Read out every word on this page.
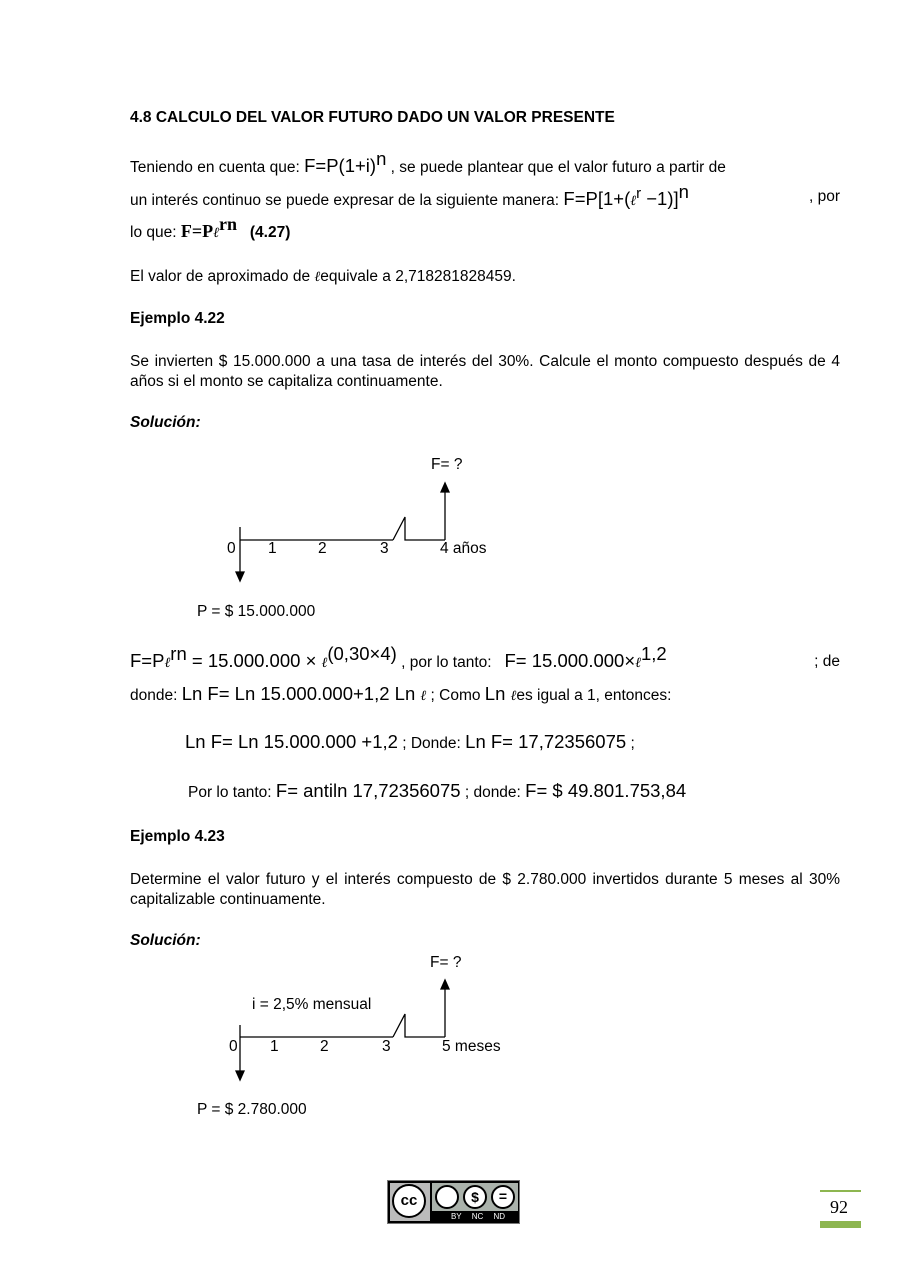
4.8 CALCULO DEL VALOR FUTURO DADO UN VALOR PRESENTE
Teniendo en cuenta que: $F=P(1+i)^n$ , se puede plantear que el valor futuro a partir de
un interés continuo se puede expresar de la siguiente manera: F=P[1+(ℓ$^r$ −1)]$^n$	, por
lo que: F=Pℓ$^{rn}$ (4.27)
El valor de aproximado de ℓequivale a 2,718281828459.
Ejemplo 4.22
Se invierten $ 15.000.000 a una tasa de interés del 30%. Calcule el monto compuesto después de 4 años si el monto se capitaliza continuamente.
Solución:
F= ?
0 1	2	3	4 años
P = $ 15.000.000
F=Pℓ$^{rn}$ = 15.000.000 × ℓ$^{(0,30\times 4)}$ , por lo tanto:   F= 15.000.000×ℓ$^{1,2}$	; de
donde: Ln F= Ln 15.000.000+1,2 Ln ℓ ; Como Ln ℓes igual a 1, entonces:
Ln F= Ln 15.000.000 +1,2 ; Donde: Ln F= 17,72356075 ;
Por lo tanto: F= antiln 17,72356075 ; donde: F= $ 49.801.753,84
Ejemplo 4.23
Determine el valor futuro y el interés compuesto de $ 2.780.000 invertidos durante 5 meses al 30% capitalizable continuamente.
Solución:
F= ?
i = 2,5% mensual
0 1	2	3	5 meses
P = $ 2.780.000
cc	$	=
BY NC ND	92
